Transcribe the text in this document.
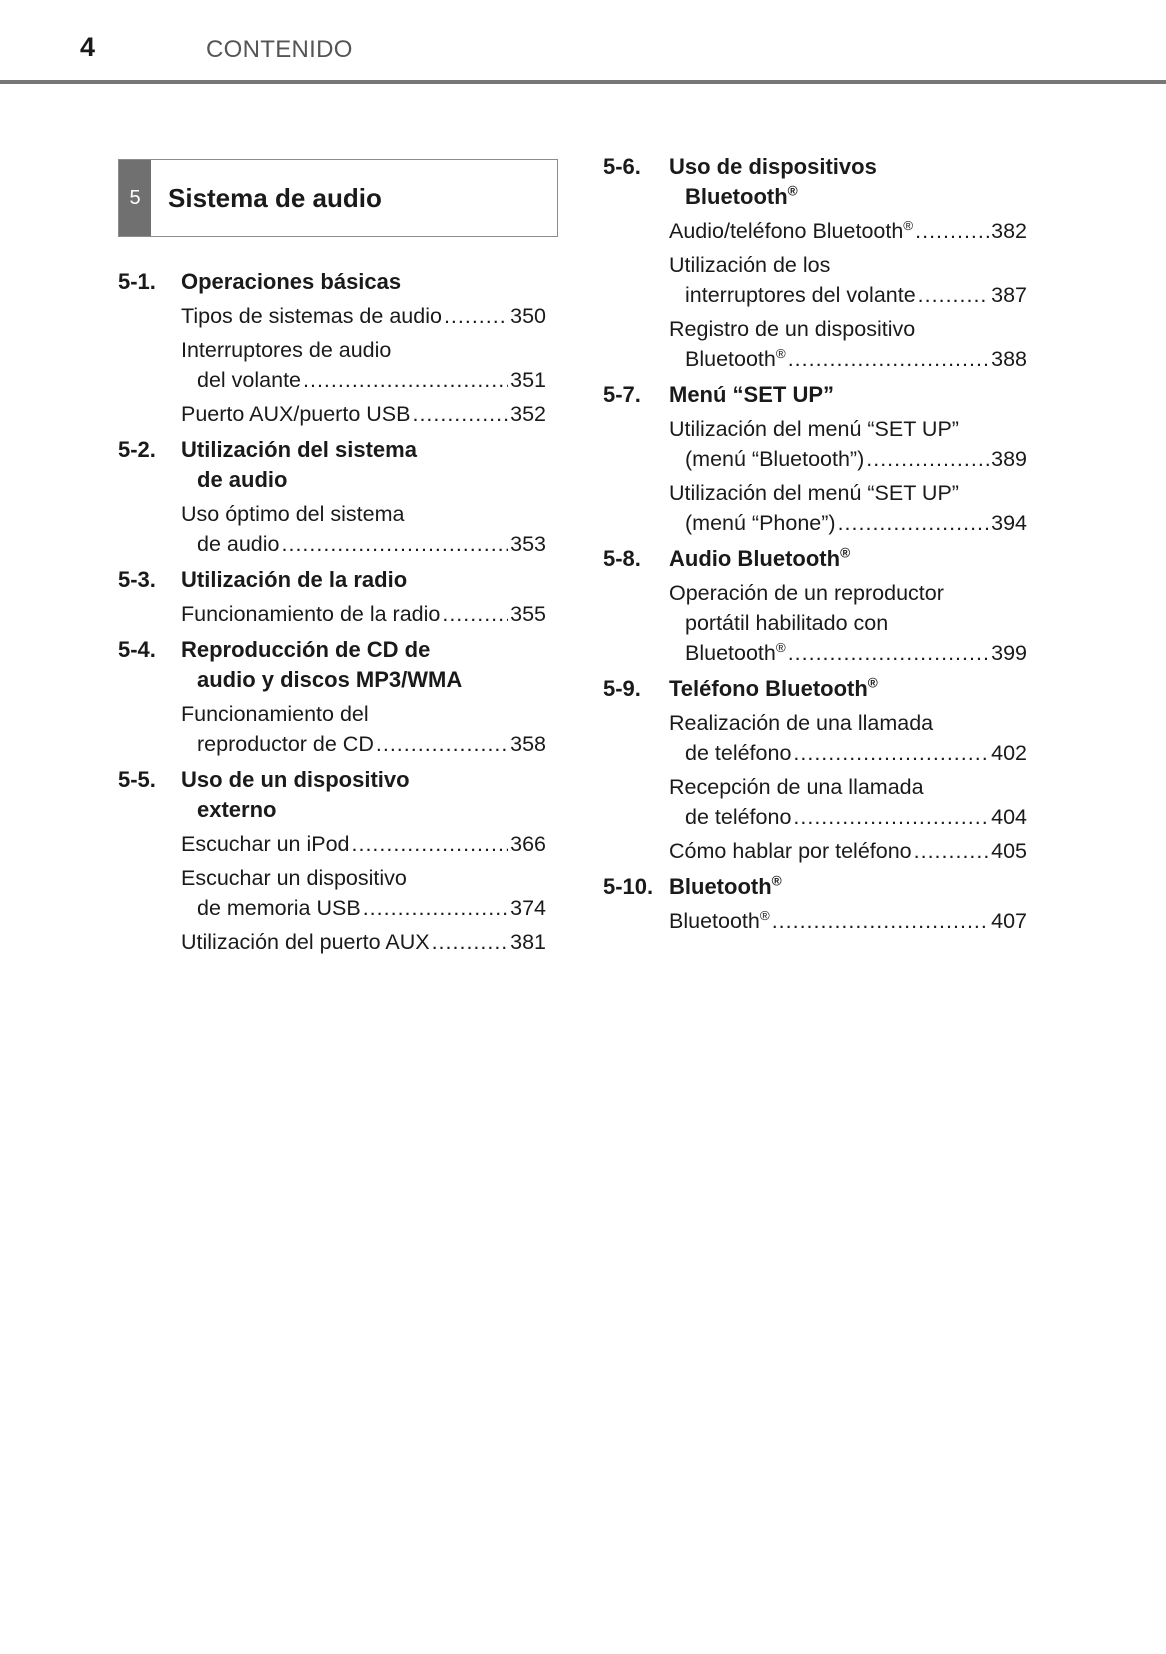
4	CONTENIDO
5	Sistema de audio
5-1. Operaciones básicas
Tipos de sistemas de audio .....	350
Interruptores de audio
del volante .....	351
Puerto AUX/puerto USB .....	352
5-2. Utilización del sistema
de audio
Uso óptimo del sistema
de audio .....	353
5-3. Utilización de la radio
Funcionamiento de la radio .....	355
5-4. Reproducción de CD de
audio y discos MP3/WMA
Funcionamiento del
reproductor de CD .....	358
5-5. Uso de un dispositivo
externo
Escuchar un iPod .....	366
Escuchar un dispositivo
de memoria USB .....	374
Utilización del puerto AUX .....	381
5-6. Uso de dispositivos
Bluetooth®
Audio/teléfono Bluetooth® .....	382
Utilización de los
interruptores del volante .....	387
Registro de un dispositivo
Bluetooth® .....	388
5-7. Menú “SET UP”
Utilización del menú “SET UP”
(menú “Bluetooth”) .....	389
Utilización del menú “SET UP”
(menú “Phone”) .....	394
5-8. Audio Bluetooth®
Operación de un reproductor
portátil habilitado con
Bluetooth® .....	399
5-9. Teléfono Bluetooth®
Realización de una llamada
de teléfono .....	402
Recepción de una llamada
de teléfono .....	404
Cómo hablar por teléfono .....	405
5-10. Bluetooth®
Bluetooth® .....	407
